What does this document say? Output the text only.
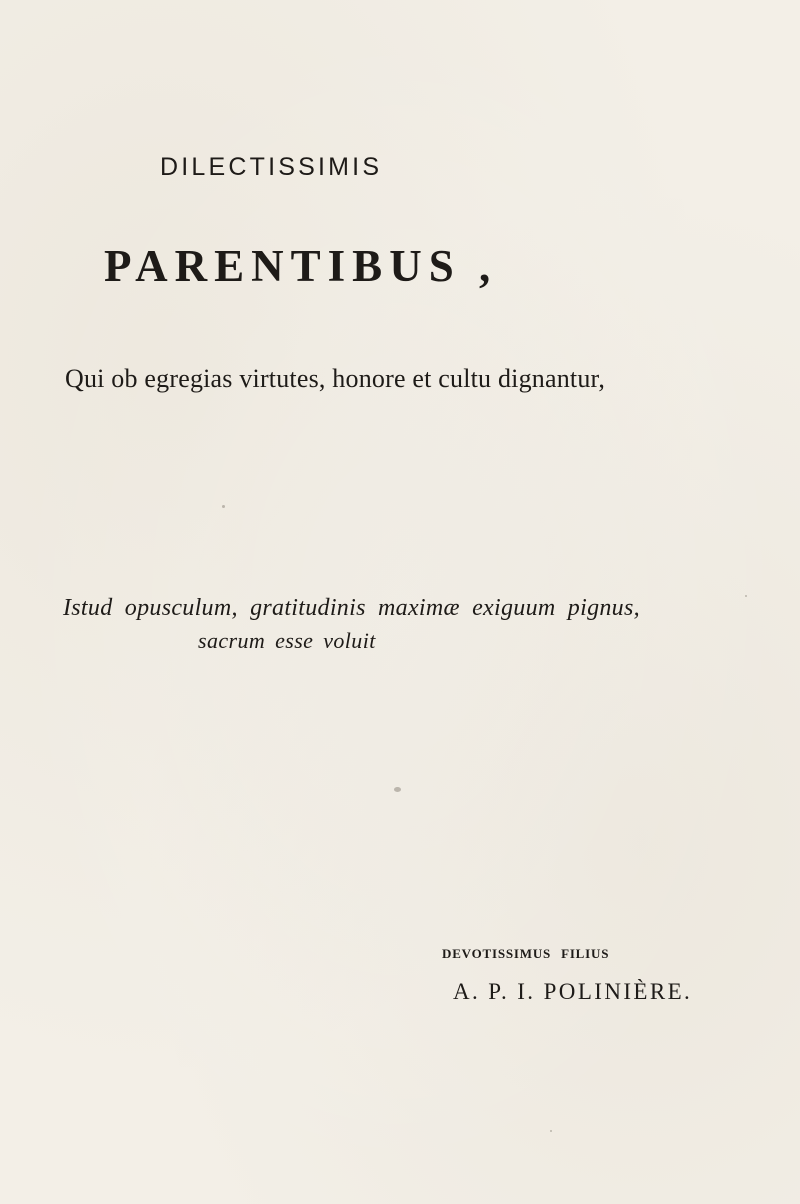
DILECTISSIMIS
PARENTIBUS ,
Qui ob egregias virtutes, honore et cultu dignantur,
Istud opusculum, gratitudinis maximæ exiguum pignus,
sacrum esse voluit
DEVOTISSIMUS FILIUS
A. P. I. POLINIÈRE.
